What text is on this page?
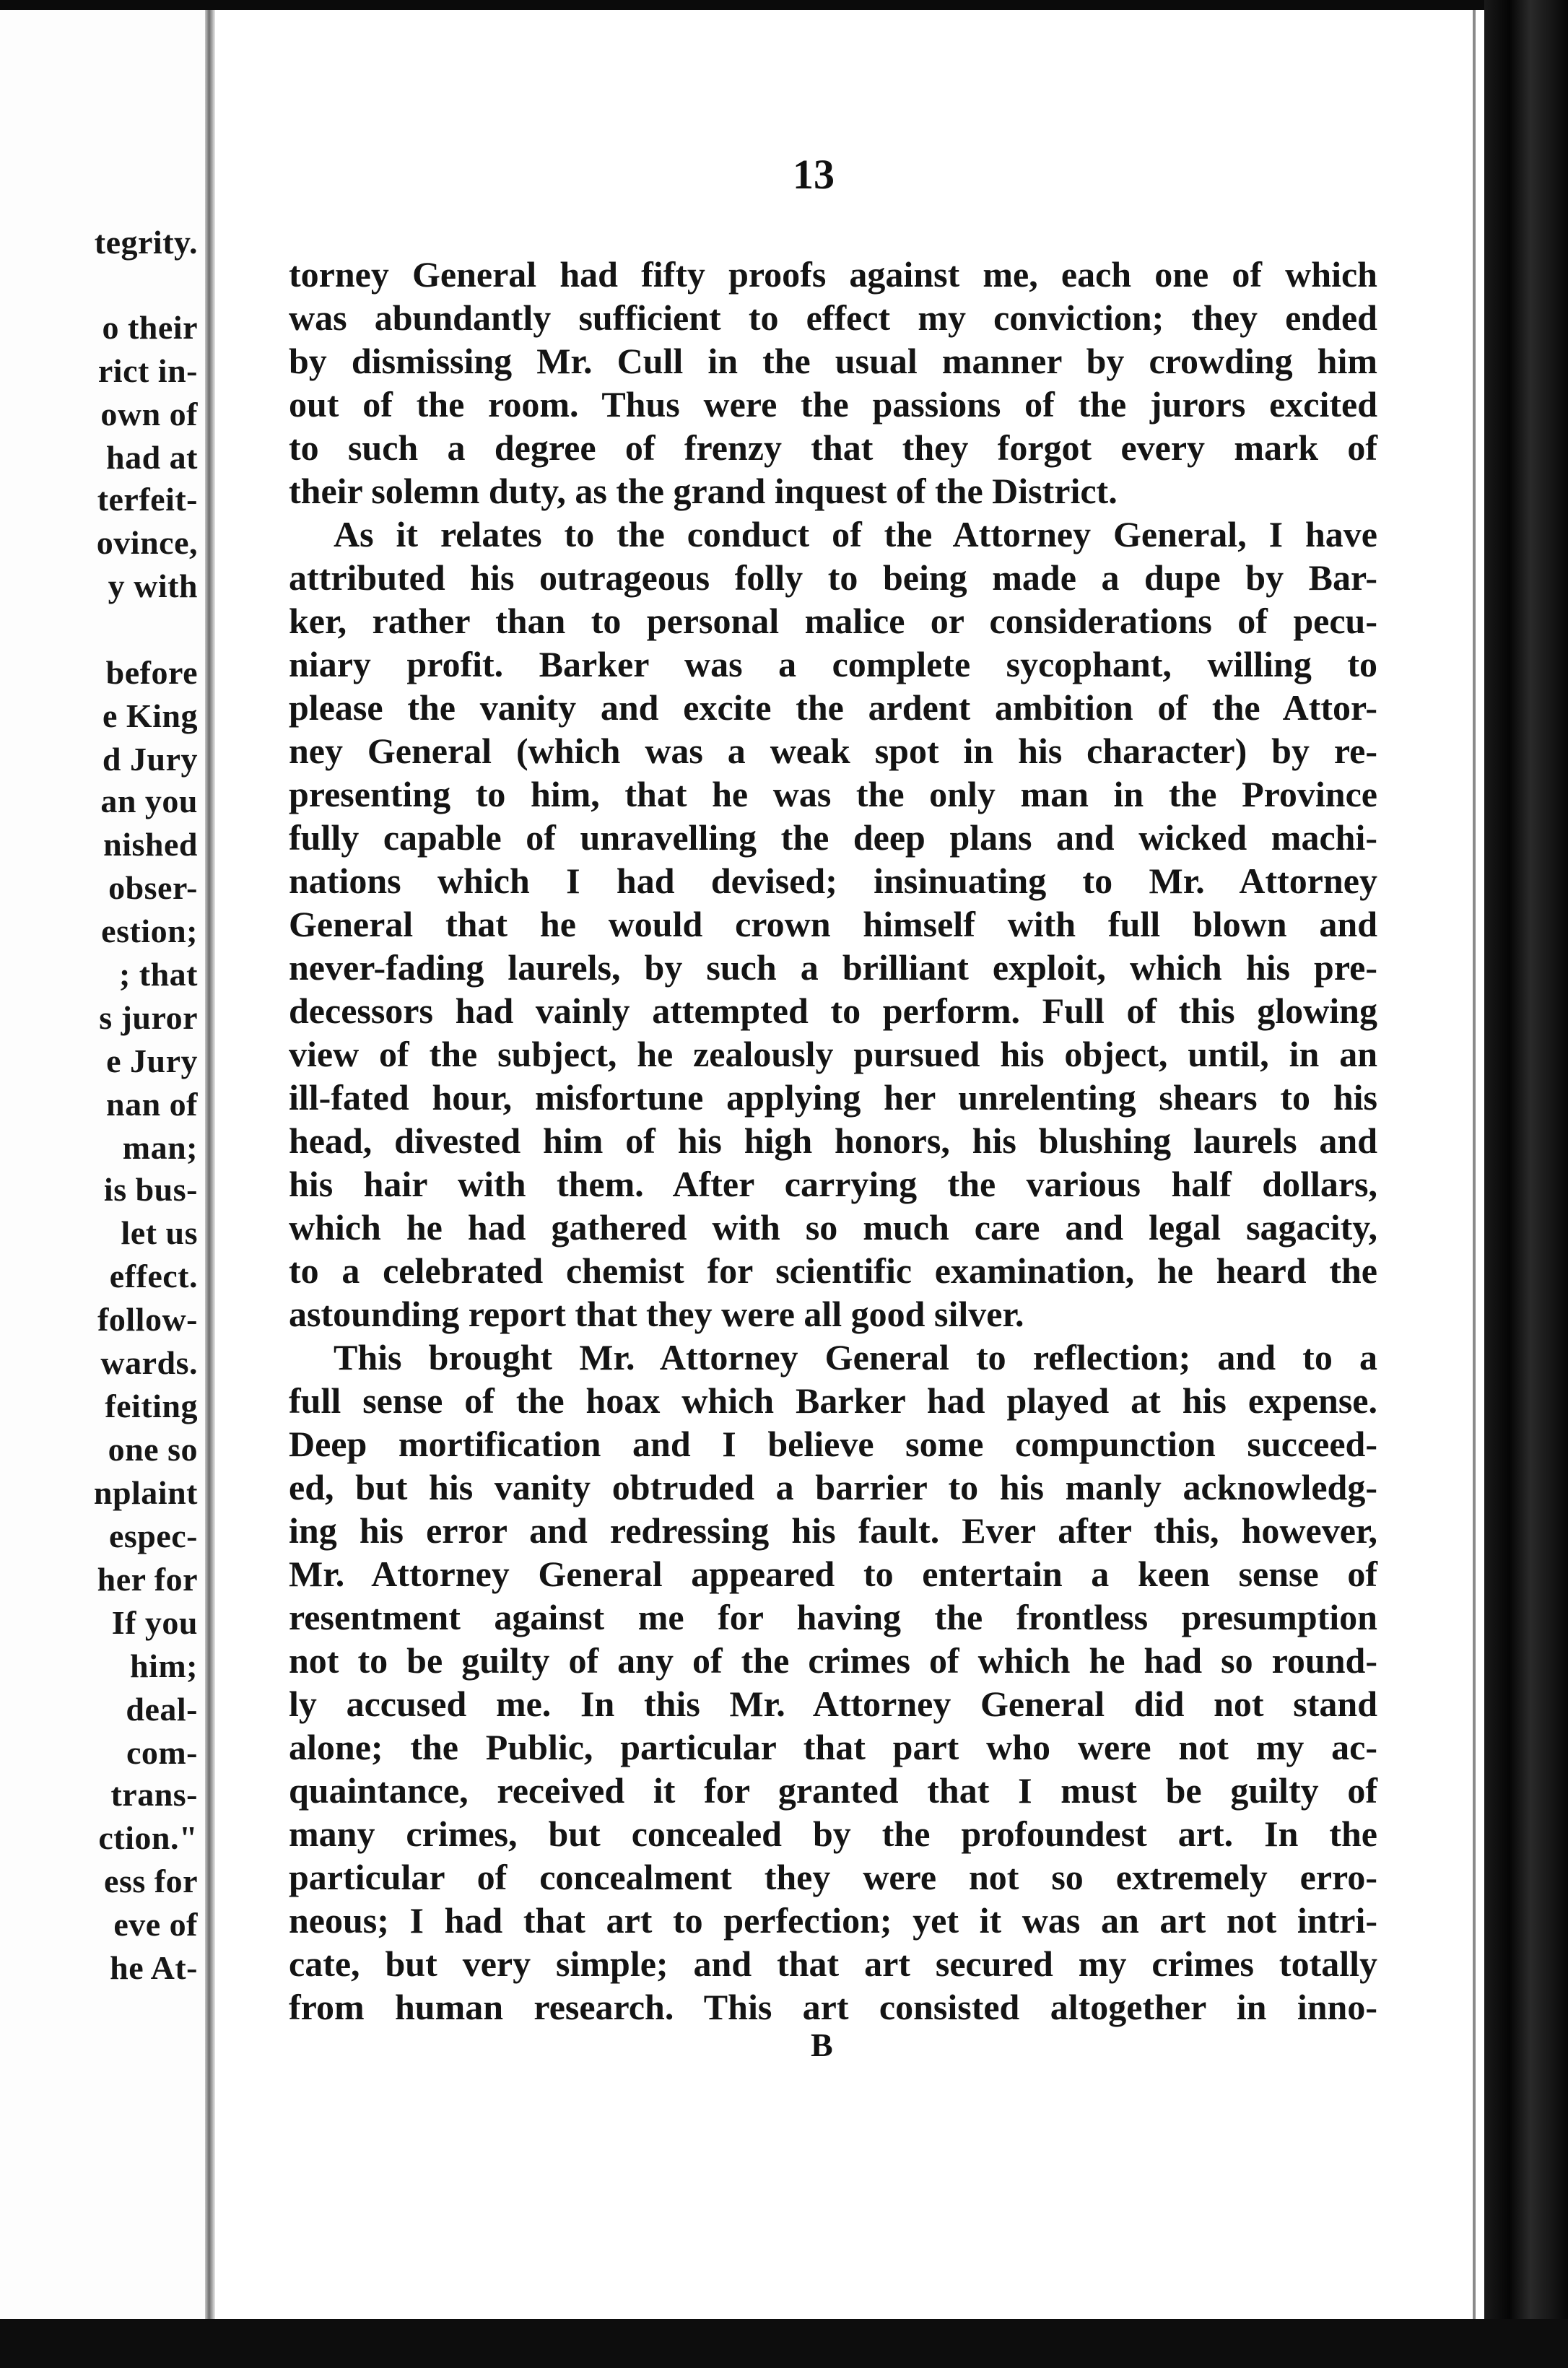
tegrity.
o their
rict in-
own of
had at
terfeit-
ovince,
y with
before
e King
d Jury
an you
nished
obser-
estion;
; that
s juror
e Jury
nan of
man;
is bus-
let us
effect.
follow-
wards.
feiting
one so
nplaint
espec-
her for
If you
him;
deal-
com-
trans-
ction."
ess for
eve of
he At-
13
torney General had fifty proofs against me, each one of which
was abundantly sufficient to effect my conviction; they ended
by dismissing Mr. Cull in the usual manner by crowding him
out of the room. Thus were the passions of the jurors excited
to such a degree of frenzy that they forgot every mark of
their solemn duty, as the grand inquest of the District.
As it relates to the conduct of the Attorney General, I have
attributed his outrageous folly to being made a dupe by Bar-
ker, rather than to personal malice or considerations of pecu-
niary profit. Barker was a complete sycophant, willing to
please the vanity and excite the ardent ambition of the Attor-
ney General (which was a weak spot in his character) by re-
presenting to him, that he was the only man in the Province
fully capable of unravelling the deep plans and wicked machi-
nations which I had devised; insinuating to Mr. Attorney
General that he would crown himself with full blown and
never-fading laurels, by such a brilliant exploit, which his pre-
decessors had vainly attempted to perform. Full of this glowing
view of the subject, he zealously pursued his object, until, in an
ill-fated hour, misfortune applying her unrelenting shears to his
head, divested him of his high honors, his blushing laurels and
his hair with them. After carrying the various half dollars,
which he had gathered with so much care and legal sagacity,
to a celebrated chemist for scientific examination, he heard the
astounding report that they were all good silver.
This brought Mr. Attorney General to reflection; and to a
full sense of the hoax which Barker had played at his expense.
Deep mortification and I believe some compunction succeed-
ed, but his vanity obtruded a barrier to his manly acknowledg-
ing his error and redressing his fault. Ever after this, however,
Mr. Attorney General appeared to entertain a keen sense of
resentment against me for having the frontless presumption
not to be guilty of any of the crimes of which he had so round-
ly accused me. In this Mr. Attorney General did not stand
alone; the Public, particular that part who were not my ac-
quaintance, received it for granted that I must be guilty of
many crimes, but concealed by the profoundest art. In the
particular of concealment they were not so extremely erro-
neous; I had that art to perfection; yet it was an art not intri-
cate, but very simple; and that art secured my crimes totally
from human research. This art consisted altogether in inno-
B
